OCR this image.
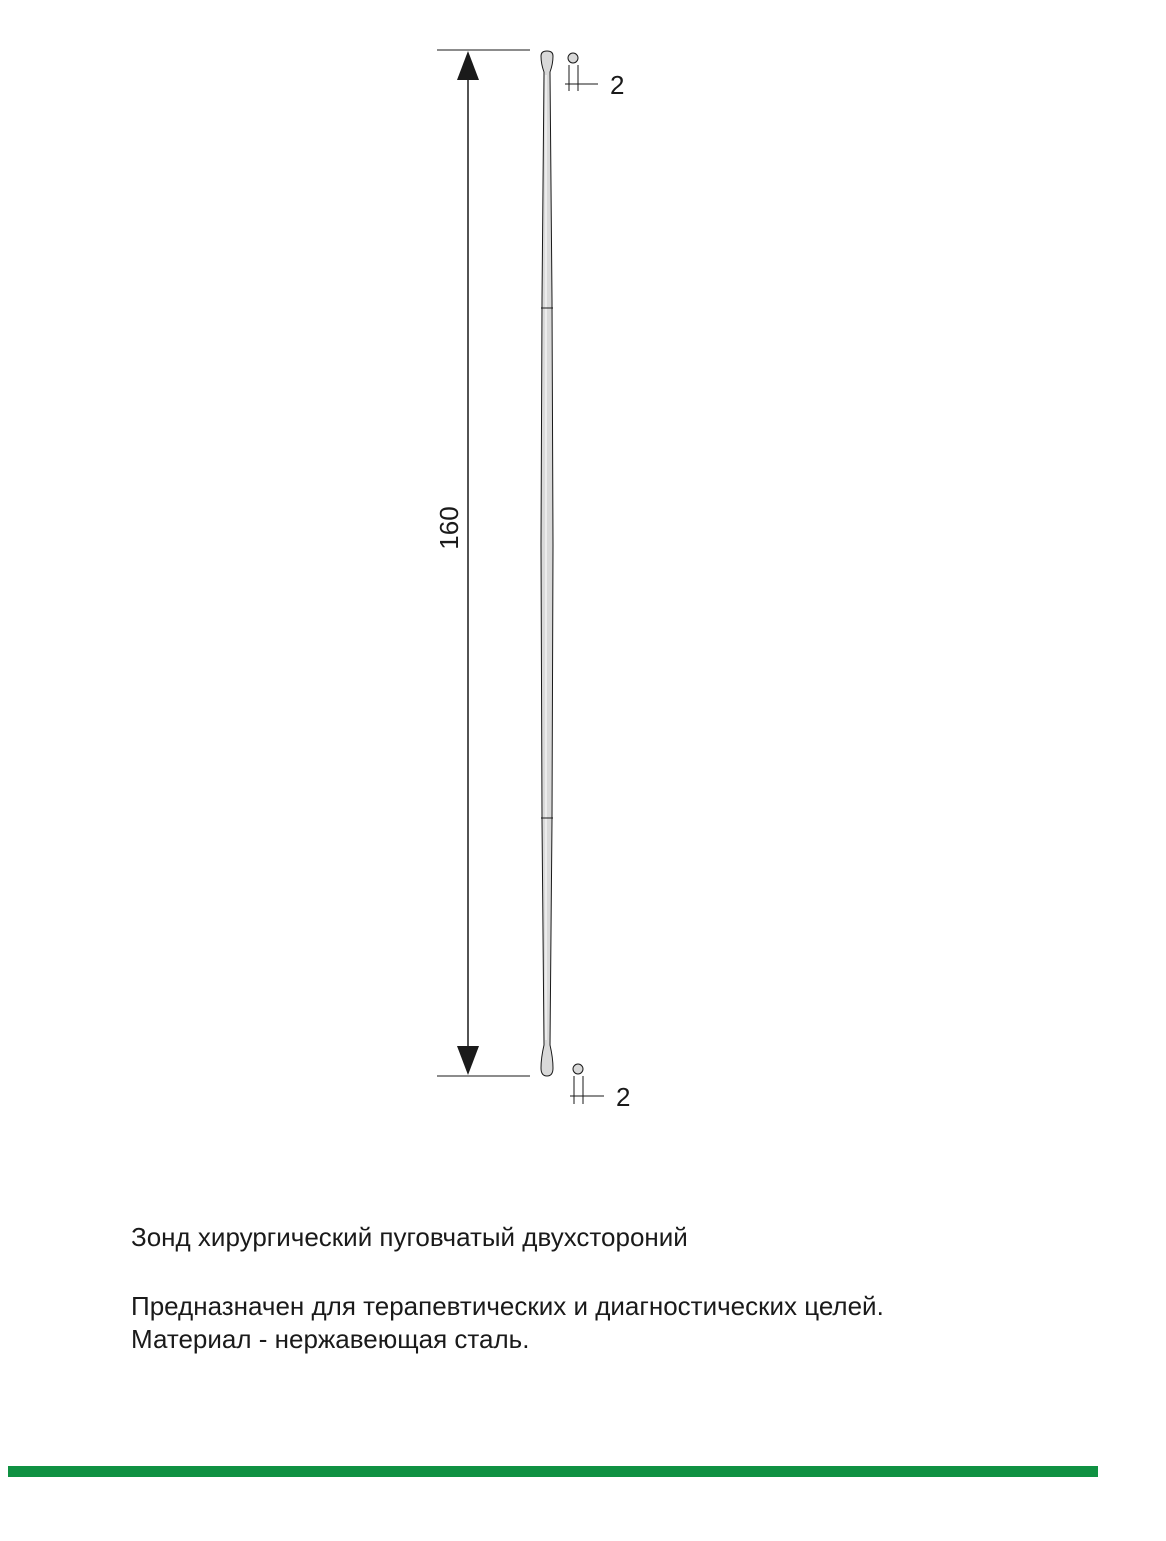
160
2
2

Зонд хирургический пуговчатый двухстороний

Предназначен для терапевтических и диагностических целей.
Материал - нержавеющая сталь.
